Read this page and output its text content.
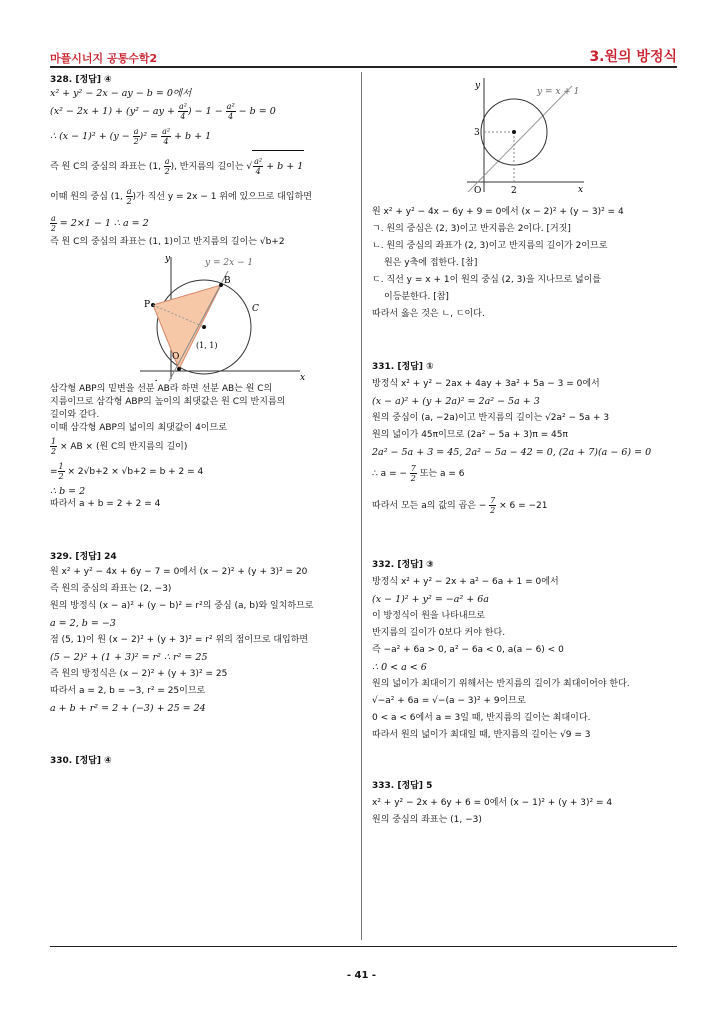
마플시너지 공통수학2	3.원의 방정식
328. [정답] ④
x² + y² − 2x − ay − b = 0에서
(x² − 2x + 1) + (y² − ay + $\frac{\text{a²}}{4}$ ) − $1 - \frac{\text{a²}}{4} - b = 0$
∴ $(x - 1)^2 + (y - \frac{a}{2} )^2 = \frac{\text{a²}}{4} + b + 1$
즉 원 C의 중심의 좌표는 (1, $\frac{a}{2}$ ), 반지름의 길이는 √ $\frac{\text{a²}}{4} + b + 1$
이때 원의 중심 (1, $\frac{a}{2}$ )가 직선 y = 2x − 1 위에 있으므로 대입하면
$\frac{a}{2} = 2\times 1 - 1$ ∴ a = 2
즉 원 C의 중심의 좌표는 (1, 1)이고 반지름의 길이는 √b+2
y
x
y = 2x − 1
B
C
P
O
(1, 1)
삼각형 ABP의 밑변을 선분 AB라 하면 선분 AB는 원 C의
지름이므로 삼각형 ABP의 높이의 최댓값은 원 C의 반지름의
길이와 같다.
이때 삼각형 ABP의 넓이의 최댓값이 4이므로
$\frac{1}{2}$ × AB × (원 C의 반지름의 길이)
= $\frac{1}{2} \times 2√b+2 \times √b+2 = b + 2 = 4$
∴ b = 2
따라서 a + b = 2 + 2 = 4
329. [정답] 24
원 x² + y² − 4x + 6y − 7 = 0에서 (x − 2)² + (y + 3)² = 20
즉 원의 중심의 좌표는 (2, −3)
원의 방정식 (x − a)² + (y − b)² = r²의 중심 (a, b)와 일치하므로
a = 2, b = −3
점 (5, 1)이 원 (x − 2)² + (y + 3)² = r² 위의 점이므로 대입하면
(5 − 2)² + (1 + 3)² = r² ∴ r² = 25
즉 원의 방정식은 (x − 2)² + (y + 3)² = 25
따라서 a = 2, b = −3, r² = 25이므로
a + b + r² = 2 + (−3) + 25 = 24
330. [정답] ④
y
x
y = x + 1
3
O	2
원 x² + y² − 4x − 6y + 9 = 0에서 (x − 2)² + (y − 3)² = 4
ㄱ. 원의 중심은 (2, 3)이고 반지름은 2이다. [거짓]
ㄴ. 원의 중심의 좌표가 (2, 3)이고 반지름의 길이가 2이므로
원은 y축에 접한다. [참]
ㄷ. 직선 y = x + 1이 원의 중심 (2, 3)을 지나므로 넓이를
이등분한다. [참]
따라서 옳은 것은 ㄴ, ㄷ이다.
331. [정답] ①
방정식 x² + y² − 2ax + 4ay + 3a² + 5a − 3 = 0에서
(x − a)² + (y + 2a)² = 2a² − 5a + 3
원의 중심이 (a, −2a)이고 반지름의 길이는 √2a² − 5a + 3
원의 넓이가 45π이므로 (2a² − 5a + 3)π = 45π
2a² − 5a + 3 = 45, 2a² − 5a − 42 = 0, (2a + 7)(a − 6) = 0
∴ a = − $\frac{7}{2}$ 또는 a = 6
따라서 모든 a의 값의 곱은 − $\frac{7}{2} \times 6 = -21$
332. [정답] ③
방정식 x² + y² − 2x + a² − 6a + 1 = 0에서
(x − 1)² + y² = −a² + 6a
이 방정식이 원을 나타내므로
반지름의 길이가 0보다 커야 한다.
즉 −a² + 6a > 0, a² − 6a < 0, a(a − 6) < 0
∴ 0 < a < 6
원의 넓이가 최대이기 위해서는 반지름의 길이가 최대이어야 한다.
√−a² + 6a = √−(a − 3)² + 9이므로
0 < a < 6에서 a = 3일 때, 반지름의 길이는 최대이다.
따라서 원의 넓이가 최대일 때, 반지름의 길이는 √9 = 3
333. [정답] 5
x² + y² − 2x + 6y + 6 = 0에서 (x − 1)² + (y + 3)² = 4
원의 중심의 좌표는 (1, −3)
- 41 -
